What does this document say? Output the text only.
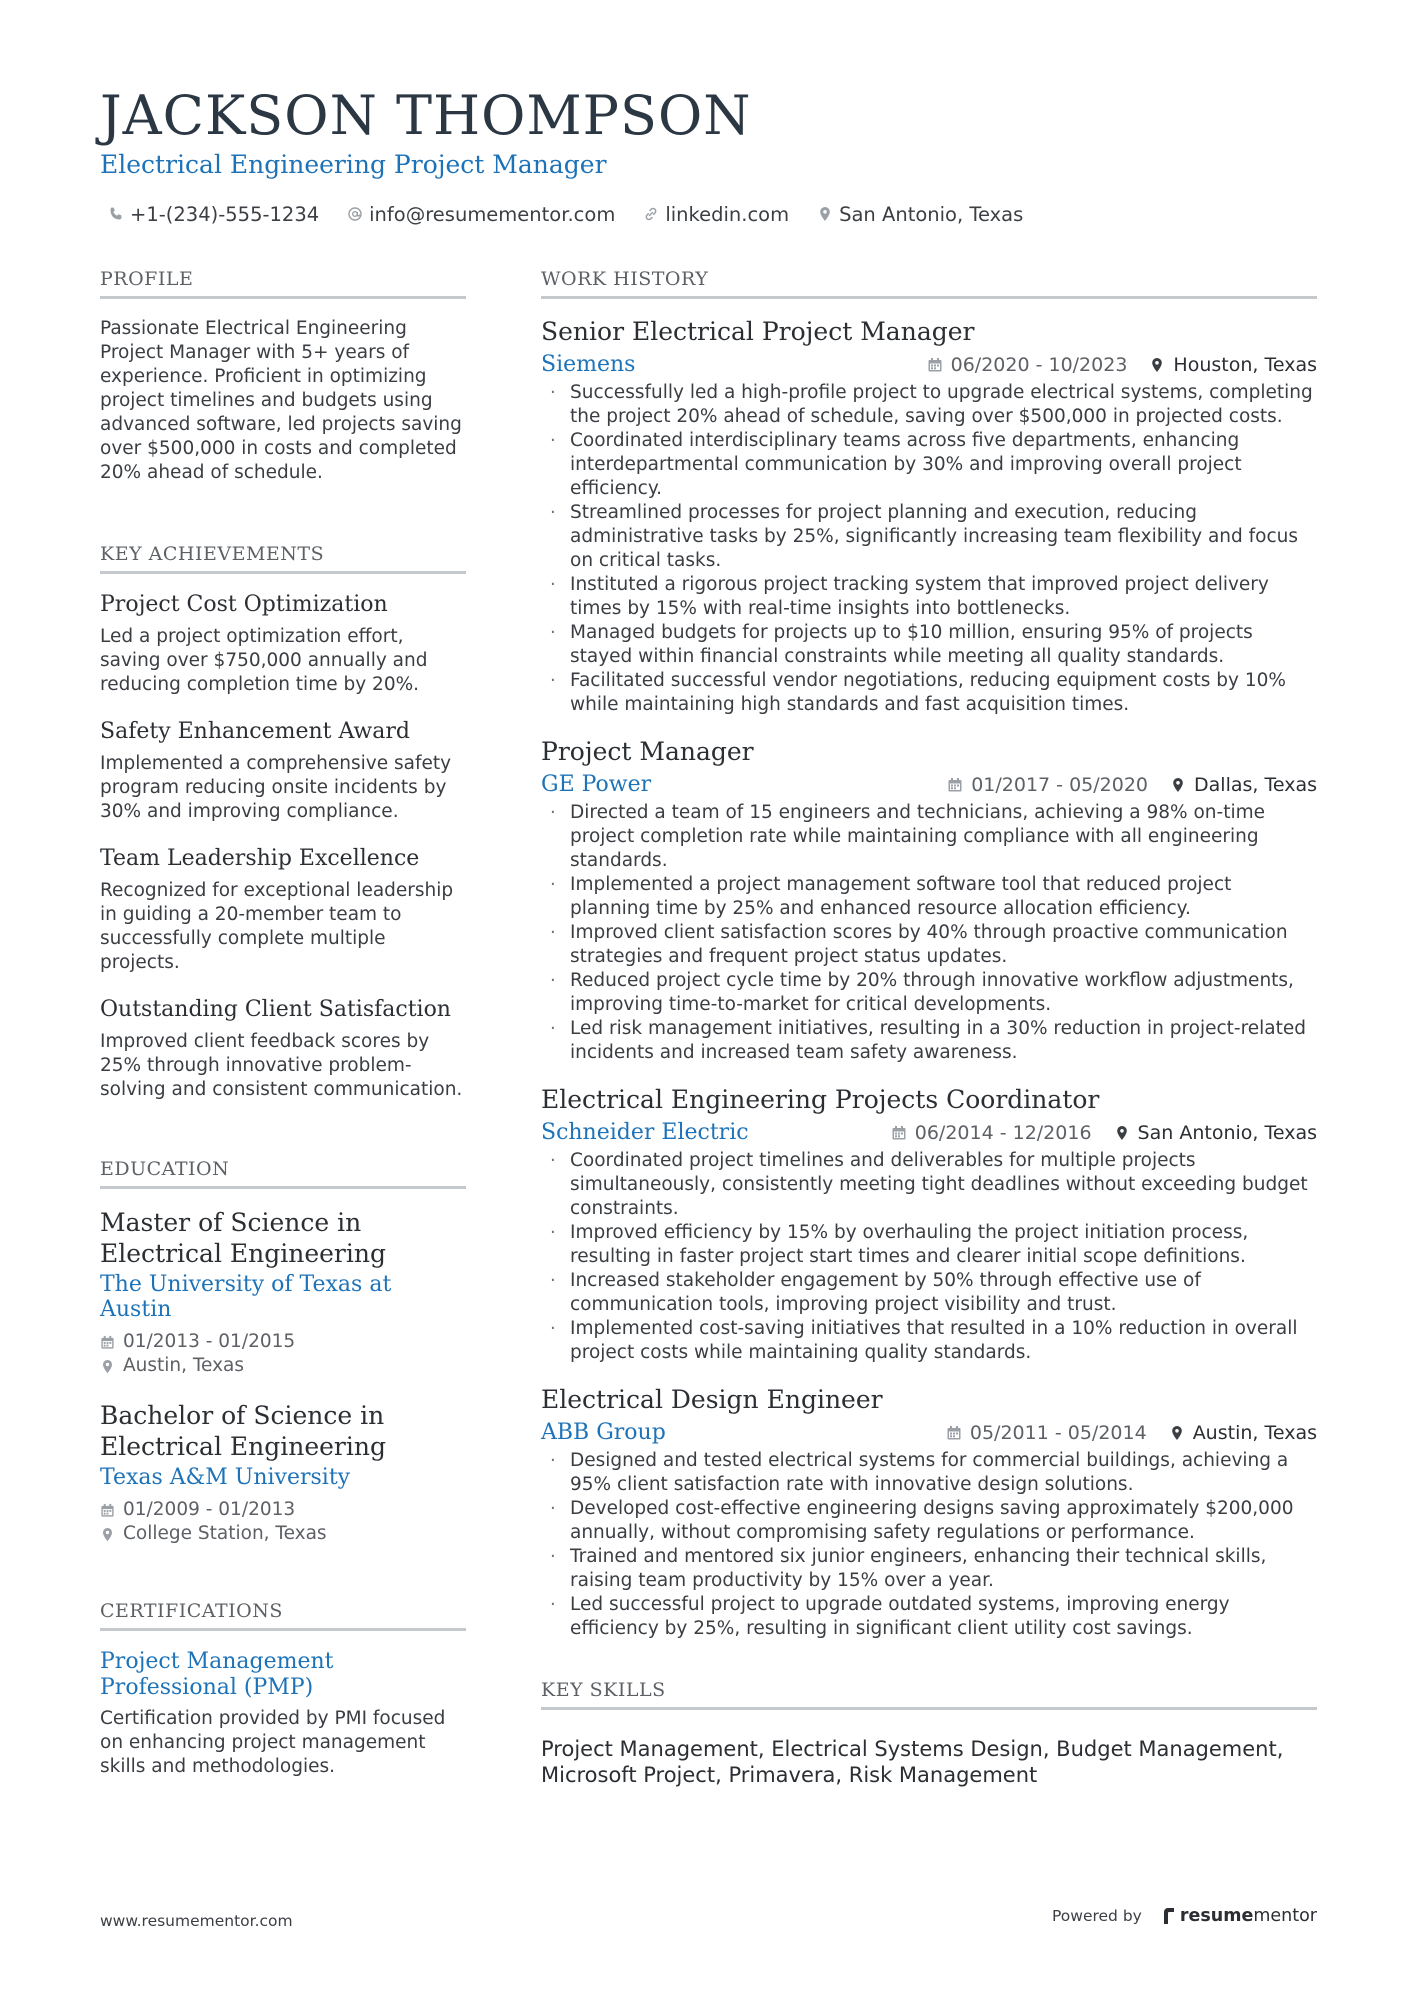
JACKSON THOMPSON
Electrical Engineering Project Manager
+1-(234)-555-1234	info@resumementor.com	linkedin.com	San Antonio, Texas
PROFILE
Passionate Electrical Engineering Project Manager with 5+ years of experience. Proficient in optimizing project timelines and budgets using advanced software, led projects saving over $500,000 in costs and completed 20% ahead of schedule.
KEY ACHIEVEMENTS
Project Cost Optimization
Led a project optimization effort, saving over $750,000 annually and reducing completion time by 20%.
Safety Enhancement Award
Implemented a comprehensive safety program reducing onsite incidents by 30% and improving compliance.
Team Leadership Excellence
Recognized for exceptional leadership in guiding a 20-member team to successfully complete multiple projects.
Outstanding Client Satisfaction
Improved client feedback scores by 25% through innovative problem-solving and consistent communication.
EDUCATION
Master of Science in Electrical Engineering
The University of Texas at Austin
01/2013 - 01/2015
Austin, Texas
Bachelor of Science in Electrical Engineering
Texas A&M University
01/2009 - 01/2013
College Station, Texas
CERTIFICATIONS
Project Management Professional (PMP)
Certification provided by PMI focused on enhancing project management skills and methodologies.
WORK HISTORY
Senior Electrical Project Manager
Siemens	06/2020 - 10/2023 Houston, Texas
· Successfully led a high-profile project to upgrade electrical systems, completing the project 20% ahead of schedule, saving over $500,000 in projected costs.
· Coordinated interdisciplinary teams across five departments, enhancing interdepartmental communication by 30% and improving overall project efficiency.
· Streamlined processes for project planning and execution, reducing administrative tasks by 25%, significantly increasing team flexibility and focus on critical tasks.
· Instituted a rigorous project tracking system that improved project delivery times by 15% with real-time insights into bottlenecks.
· Managed budgets for projects up to $10 million, ensuring 95% of projects stayed within financial constraints while meeting all quality standards.
· Facilitated successful vendor negotiations, reducing equipment costs by 10% while maintaining high standards and fast acquisition times.
Project Manager
GE Power	01/2017 - 05/2020 Dallas, Texas
· Directed a team of 15 engineers and technicians, achieving a 98% on-time project completion rate while maintaining compliance with all engineering standards.
· Implemented a project management software tool that reduced project planning time by 25% and enhanced resource allocation efficiency.
· Improved client satisfaction scores by 40% through proactive communication strategies and frequent project status updates.
· Reduced project cycle time by 20% through innovative workflow adjustments, improving time-to-market for critical developments.
· Led risk management initiatives, resulting in a 30% reduction in project-related incidents and increased team safety awareness.
Electrical Engineering Projects Coordinator
Schneider Electric	06/2014 - 12/2016 San Antonio, Texas
· Coordinated project timelines and deliverables for multiple projects simultaneously, consistently meeting tight deadlines without exceeding budget constraints.
· Improved efficiency by 15% by overhauling the project initiation process, resulting in faster project start times and clearer initial scope definitions.
· Increased stakeholder engagement by 50% through effective use of communication tools, improving project visibility and trust.
· Implemented cost-saving initiatives that resulted in a 10% reduction in overall project costs while maintaining quality standards.
Electrical Design Engineer
ABB Group	05/2011 - 05/2014 Austin, Texas
· Designed and tested electrical systems for commercial buildings, achieving a 95% client satisfaction rate with innovative design solutions.
· Developed cost-effective engineering designs saving approximately $200,000 annually, without compromising safety regulations or performance.
· Trained and mentored six junior engineers, enhancing their technical skills, raising team productivity by 15% over a year.
· Led successful project to upgrade outdated systems, improving energy efficiency by 25%, resulting in significant client utility cost savings.
KEY SKILLS
Project Management, Electrical Systems Design, Budget Management, Microsoft Project, Primavera, Risk Management
www.resumementor.com	Powered by resume mentor
